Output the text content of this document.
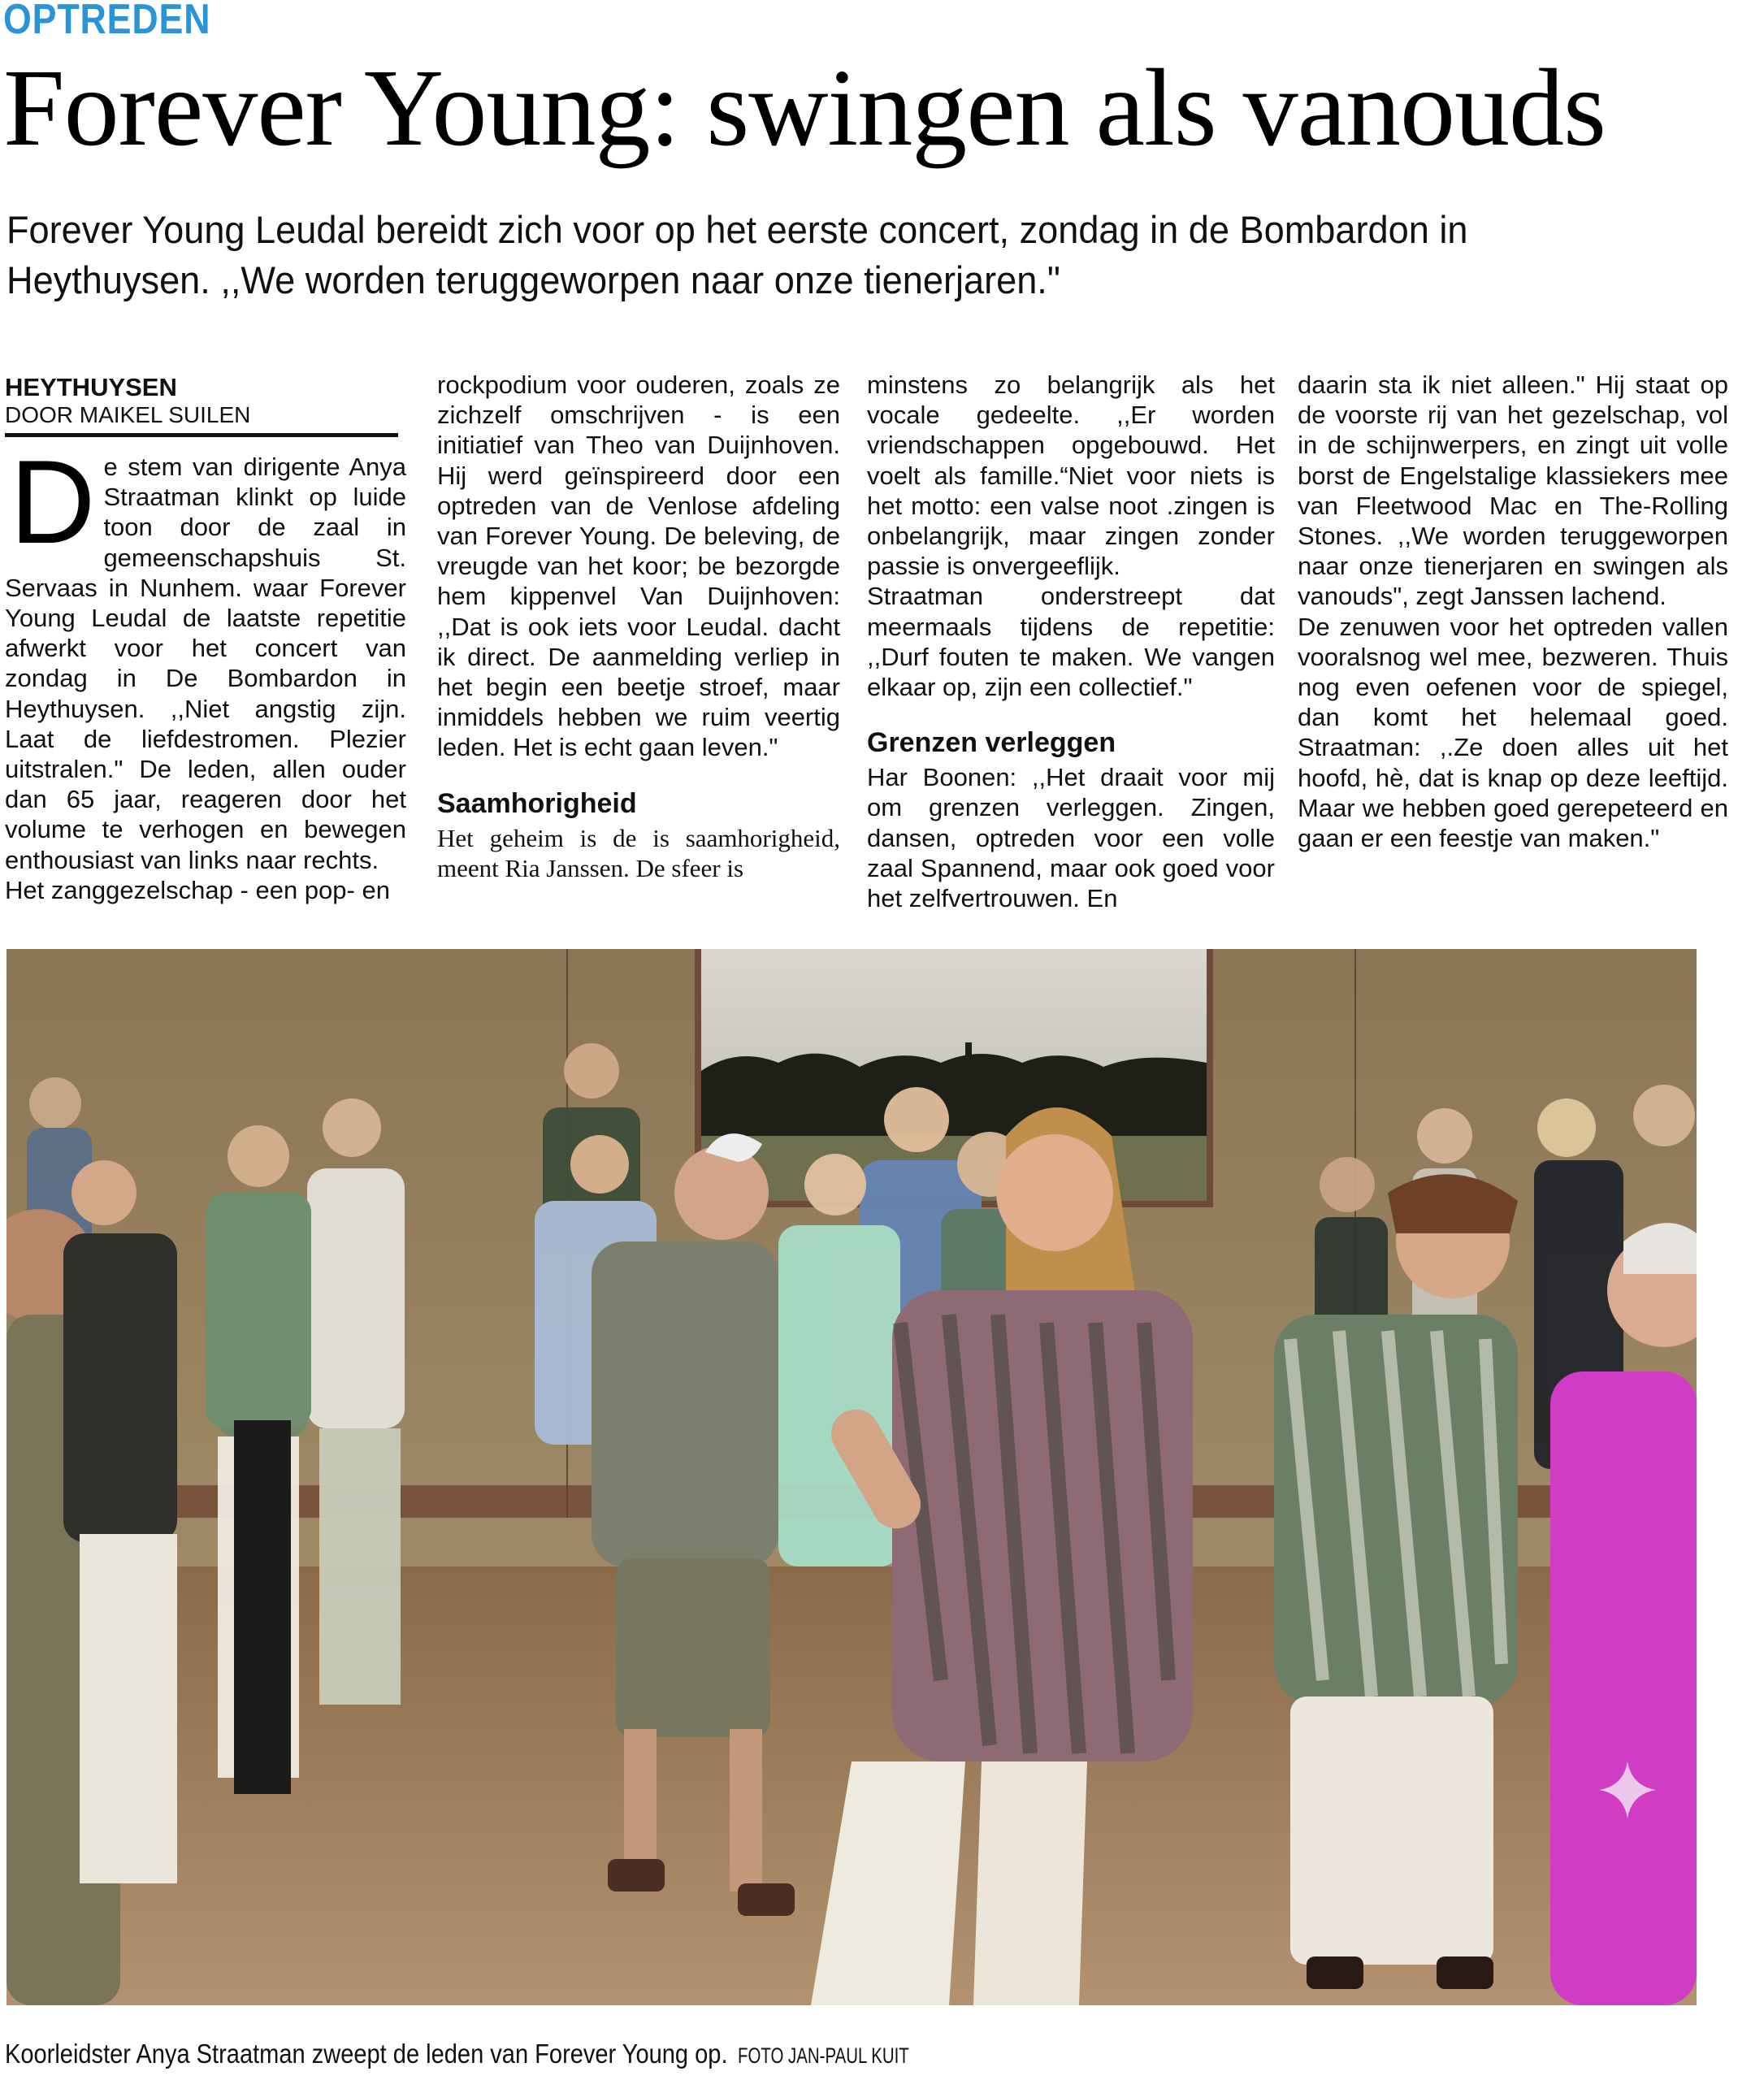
OPTREDEN
Forever Young: swingen als vanouds
Forever Young Leudal bereidt zich voor op het eerste concert, zondag in de Bombardon in Heythuysen. ,,We worden teruggeworpen naar onze tienerjaren."
HEYTHUYSEN
DOOR MAIKEL SUILEN
D e stem van dirigente Anya Straatman klinkt op luide toon door de zaal in gemeenschapshuis St. Servaas in Nunhem. waar Forever Young Leudal de laatste repetitie afwerkt voor het concert van zondag in De Bombardon in Heythuysen. ,,Niet angstig zijn. Laat de liefdestromen. Plezier uitstralen." De leden, allen ouder dan 65 jaar, reageren door het volume te verhogen en bewegen enthousiast van links naar rechts.

Het zanggezelschap - een pop- en

rockpodium voor ouderen, zoals ze zichzelf omschrijven - is een initiatief van Theo van Duijnhoven. Hij werd geïnspireerd door een optreden van de Venlose afdeling van Forever Young. De beleving, de vreugde van het koor; be bezorgde hem kippenvel Van Duijnhoven: ,,Dat is ook iets voor Leudal. dacht ik direct. De aanmelding verliep in het begin een beetje stroef, maar inmiddels hebben we ruim veertig leden. Het is echt gaan leven."

Saamhorigheid

Het geheim is de is saamhorigheid, meent Ria Janssen. De sfeer is

minstens zo belangrijk als het vocale gedeelte. ,,Er worden vriendschappen opgebouwd. Het voelt als famille.“Niet voor niets is het motto: een valse noot .zingen is onbelangrijk, maar zingen zonder passie is onvergeeflijk.

Straatman onderstreept dat meermaals tijdens de repetitie: ,,Durf fouten te maken. We vangen elkaar op, zijn een collectief."

Grenzen verleggen

Har Boonen: ,,Het draait voor mij om grenzen verleggen. Zingen, dansen, optreden voor een volle zaal Spannend, maar ook goed voor het zelfvertrouwen. En

daarin sta ik niet alleen." Hij staat op de voorste rij van het gezelschap, vol in de schijnwerpers, en zingt uit volle borst de Engelstalige klassiekers mee van Fleetwood Mac en The-Rolling Stones. ,,We worden teruggeworpen naar onze tienerjaren en swingen als vanouds", zegt Janssen lachend.

De zenuwen voor het optreden vallen vooralsnog wel mee, bezweren. Thuis nog even oefenen voor de spiegel, dan komt het helemaal goed. Straatman: ,.Ze doen alles uit het hoofd, hè, dat is knap op deze leeftijd. Maar we hebben goed gerepeteerd en gaan er een feestje van maken."

Koorleidster Anya Straatman zweept de leden van Forever Young op. FOTO JAN-PAUL KUIT
